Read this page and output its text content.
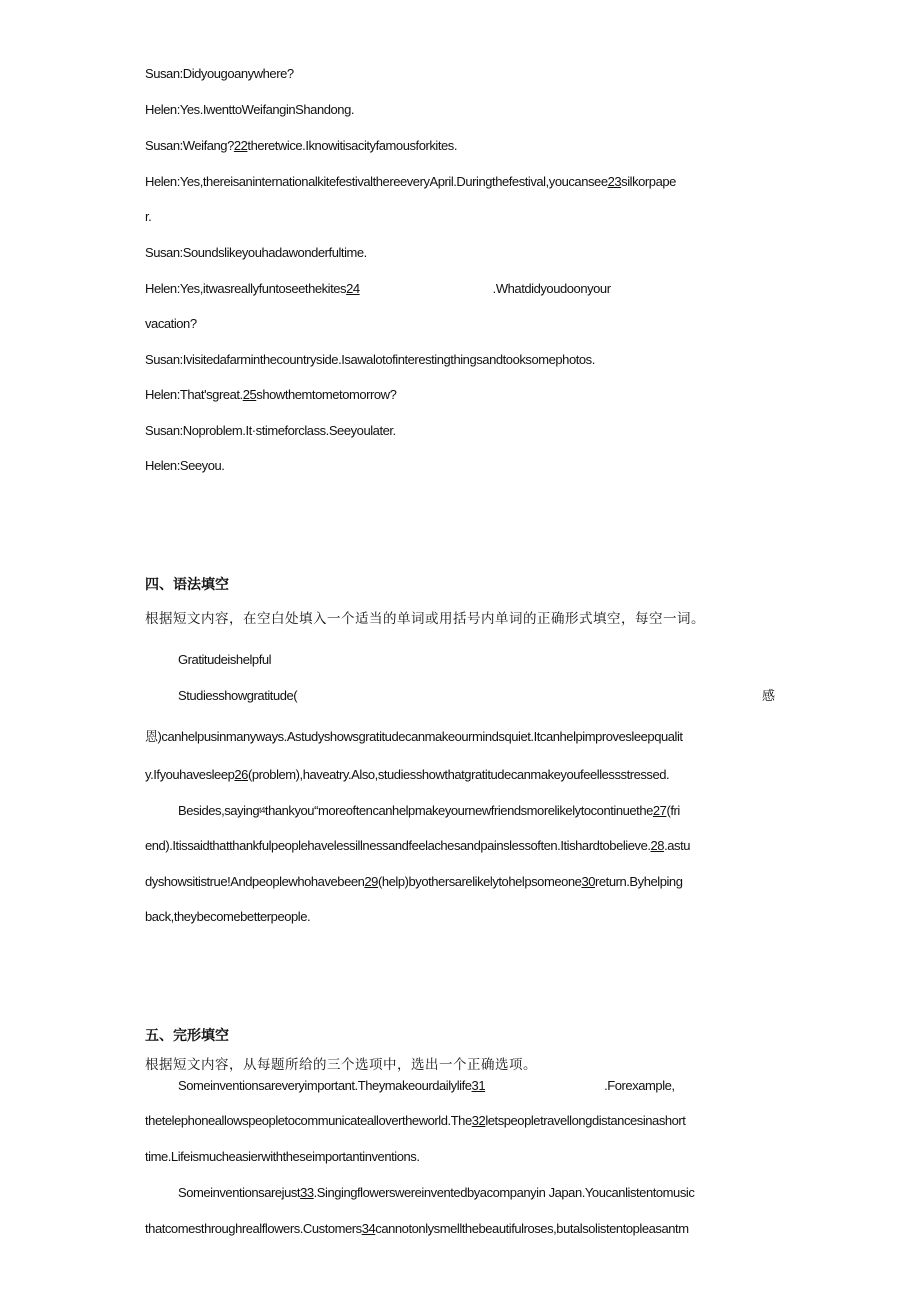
Susan:Didyougoanywhere?
Helen:Yes.IwenttoWeifanginShandong.
Susan:Weifang?22theretwice.Iknowitisacityfamousforkites.
Helen:Yes,thereisaninternationalkitefestivalthereeveryApril.Duringthefestival,youcansee23silkorpape
r.
Susan:Soundslikeyouhadawonderfultime.
Helen:Yes,itwasreallyfuntoseethekites24	.Whatdidyoudoonyour
vacation?
Susan:Ivisitedafarminthecountryside.Isawalotofinterestingthingsandtooksomephotos.
Helen:That'sgreat.25showthemtometomorrow?
Susan:Noproblem.It·stimeforclass.Seeyoulater.
Helen:Seeyou.
四、语法填空
根据短文内容，在空白处填入一个适当的单词或用括号内单词的正确形式填空，每空一词。
Gratitudeishelpful
Studiesshowgratitude(	感
恩)canhelpusinmanyways.Astudyshowsgratitudecanmakeourmindsquiet.Itcanhelpimprovesleepqualit
y.Ifyouhavesleep26(problem),haveatry.Also,studiesshowthatgratitudecanmakeyoufeellessstressed.
Besides,saying$^{t4}$thankyou“moreoftencanhelpmakeyournewfriendsmorelikelytocontinuethe27(fri
end).Itissaidthatthankfulpeoplehavelessillnessandfeelachesandpainslessoften.Itishardtobelieve.28.astu
dyshowsitistrue!Andpeoplewhohavebeen29(help)byothersarelikelytohelpsomeone30return.Byhelping
back,theybecomebetterpeople.
五、完形填空
根据短文内容，从每题所给的三个选项中，选出一个正确选项。
Someinventionsareveryimportant.Theymakeourdailylife31	.Forexample,
thetelephoneallowspeopletocommunicateallovertheworld.The32letspeopletravellongdistancesinashort
time.Lifeismucheasierwiththeseimportantinventions.
Someinventionsarejust33.Singingflowerswereinventedbyacompanyin Japan.Youcanlistentomusic
thatcomesthroughrealflowers.Customers34cannotonlysmellthebeautifulroses,butalsolistentopleasantm
